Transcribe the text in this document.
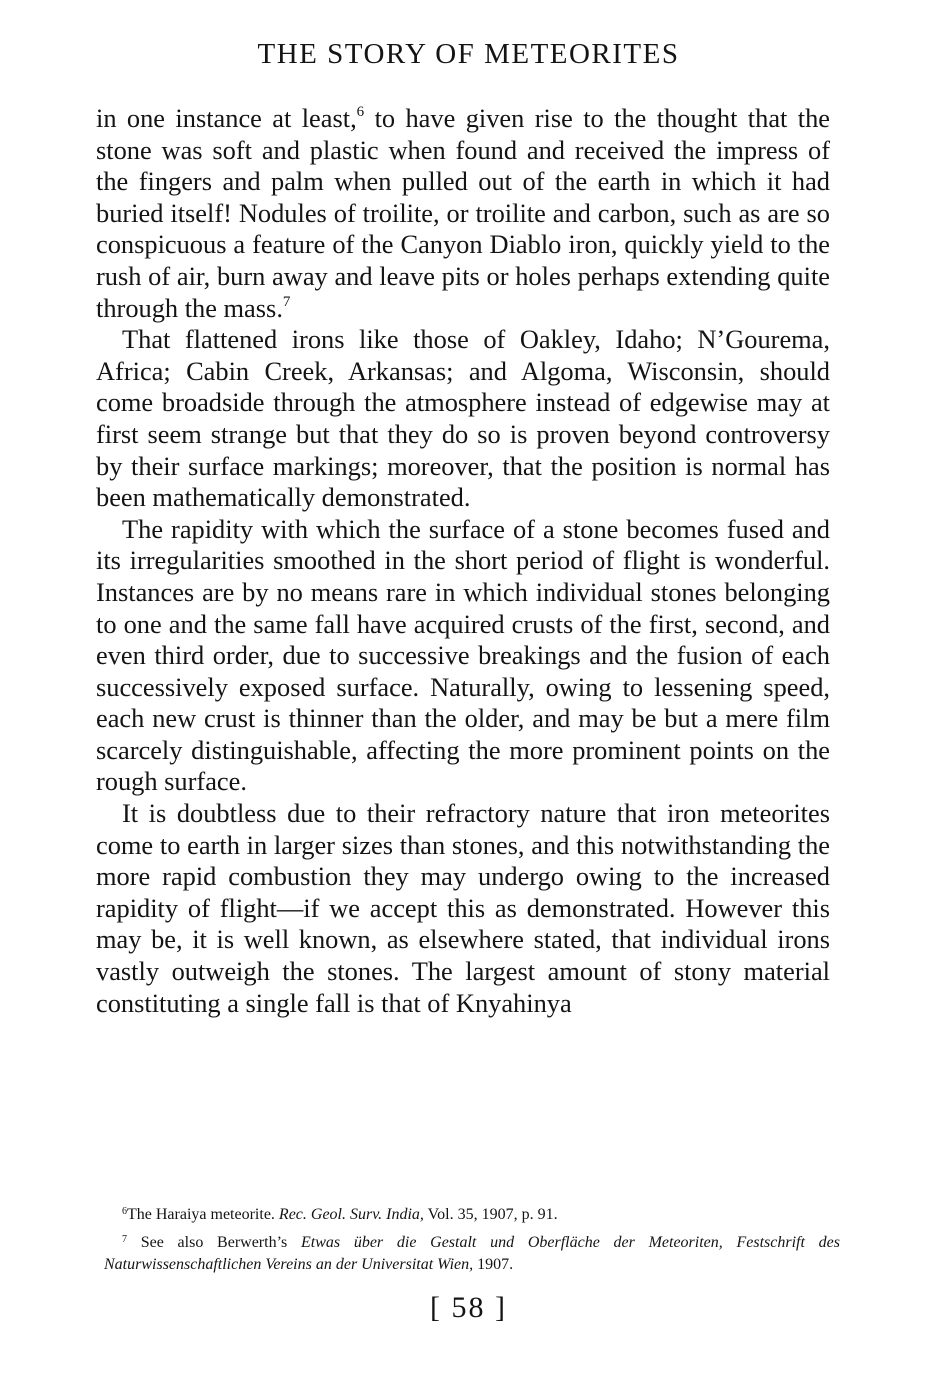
THE STORY OF METEORITES

in one instance at least,$^6$ to have given rise to the thought that the stone was soft and plastic when found and received the impress of the fingers and palm when pulled out of the earth in which it had buried itself! Nodules of troilite, or troilite and carbon, such as are so conspicuous a feature of the Canyon Diablo iron, quickly yield to the rush of air, burn away and leave pits or holes perhaps extending quite through the mass.$^7$

That flattened irons like those of Oakley, Idaho; N’Gourema, Africa; Cabin Creek, Arkansas; and Algoma, Wisconsin, should come broadside through the atmosphere instead of edgewise may at first seem strange but that they do so is proven beyond controversy by their surface markings; moreover, that the position is normal has been mathematically demonstrated.

The rapidity with which the surface of a stone becomes fused and its irregularities smoothed in the short period of flight is wonderful. Instances are by no means rare in which individual stones belonging to one and the same fall have acquired crusts of the first, second, and even third order, due to successive breakings and the fusion of each successively exposed surface. Naturally, owing to lessening speed, each new crust is thinner than the older, and may be but a mere film scarcely distinguishable, affecting the more prominent points on the rough surface.

It is doubtless due to their refractory nature that iron meteorites come to earth in larger sizes than stones, and this notwithstanding the more rapid combustion they may undergo owing to the increased rapidity of flight—if we accept this as demonstrated. However this may be, it is well known, as elsewhere stated, that individual irons vastly outweigh the stones. The largest amount of stony material constituting a single fall is that of Knyahinya

$^6$The Haraiya meteorite. Rec. Geol. Surv. India, Vol. 35, 1907, p. 91.

$^7$ See also Berwerth’s Etwas über die Gestalt und Oberfläche der Meteoriten, Festschrift des Naturwissenschaftlichen Vereins an der Universitat Wien, 1907.

[ 58 ]
